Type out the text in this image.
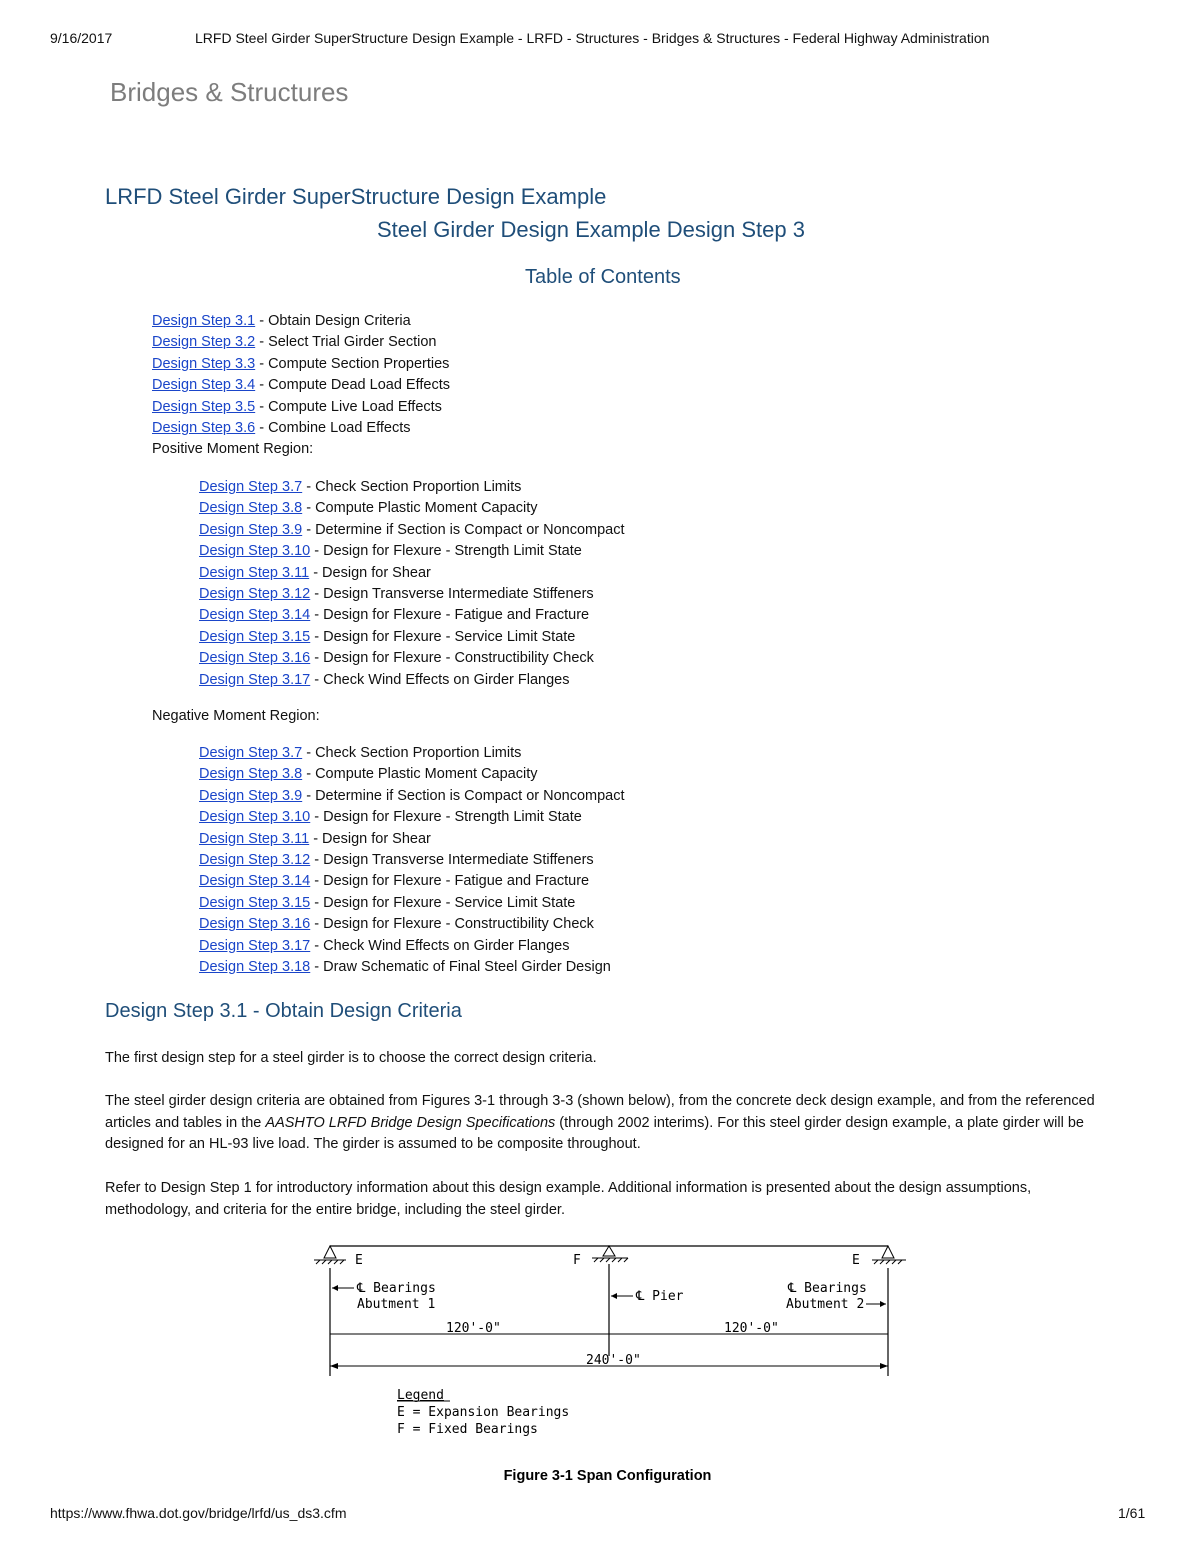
9/16/2017	LRFD Steel Girder SuperStructure Design Example - LRFD - Structures - Bridges & Structures - Federal Highway Administration
Bridges & Structures
LRFD Steel Girder SuperStructure Design Example
Steel Girder Design Example Design Step 3
Table of Contents
Design Step 3.1 - Obtain Design Criteria
Design Step 3.2 - Select Trial Girder Section
Design Step 3.3 - Compute Section Properties
Design Step 3.4 - Compute Dead Load Effects
Design Step 3.5 - Compute Live Load Effects
Design Step 3.6 - Combine Load Effects
Positive Moment Region:
Design Step 3.7 - Check Section Proportion Limits
Design Step 3.8 - Compute Plastic Moment Capacity
Design Step 3.9 - Determine if Section is Compact or Noncompact
Design Step 3.10 - Design for Flexure - Strength Limit State
Design Step 3.11 - Design for Shear
Design Step 3.12 - Design Transverse Intermediate Stiffeners
Design Step 3.14 - Design for Flexure - Fatigue and Fracture
Design Step 3.15 - Design for Flexure - Service Limit State
Design Step 3.16 - Design for Flexure - Constructibility Check
Design Step 3.17 - Check Wind Effects on Girder Flanges
Negative Moment Region:
Design Step 3.7 - Check Section Proportion Limits
Design Step 3.8 - Compute Plastic Moment Capacity
Design Step 3.9 - Determine if Section is Compact or Noncompact
Design Step 3.10 - Design for Flexure - Strength Limit State
Design Step 3.11 - Design for Shear
Design Step 3.12 - Design Transverse Intermediate Stiffeners
Design Step 3.14 - Design for Flexure - Fatigue and Fracture
Design Step 3.15 - Design for Flexure - Service Limit State
Design Step 3.16 - Design for Flexure - Constructibility Check
Design Step 3.17 - Check Wind Effects on Girder Flanges
Design Step 3.18 - Draw Schematic of Final Steel Girder Design
Design Step 3.1 - Obtain Design Criteria
The first design step for a steel girder is to choose the correct design criteria.
The steel girder design criteria are obtained from Figures 3-1 through 3-3 (shown below), from the concrete deck design example, and from the referenced articles and tables in the AASHTO LRFD Bridge Design Specifications (through 2002 interims). For this steel girder design example, a plate girder will be designed for an HL-93 live load. The girder is assumed to be composite throughout.
Refer to Design Step 1 for introductory information about this design example. Additional information is presented about the design assumptions, methodology, and criteria for the entire bridge, including the steel girder.
E	F	E
℄ Bearings
Abutment 1
℄ Pier
℄ Bearings
Abutment 2
120'-0"	120'-0"
240'-0"
Legend
E = Expansion Bearings
F = Fixed Bearings
Figure 3-1 Span Configuration
https://www.fhwa.dot.gov/bridge/lrfd/us_ds3.cfm	1/61
